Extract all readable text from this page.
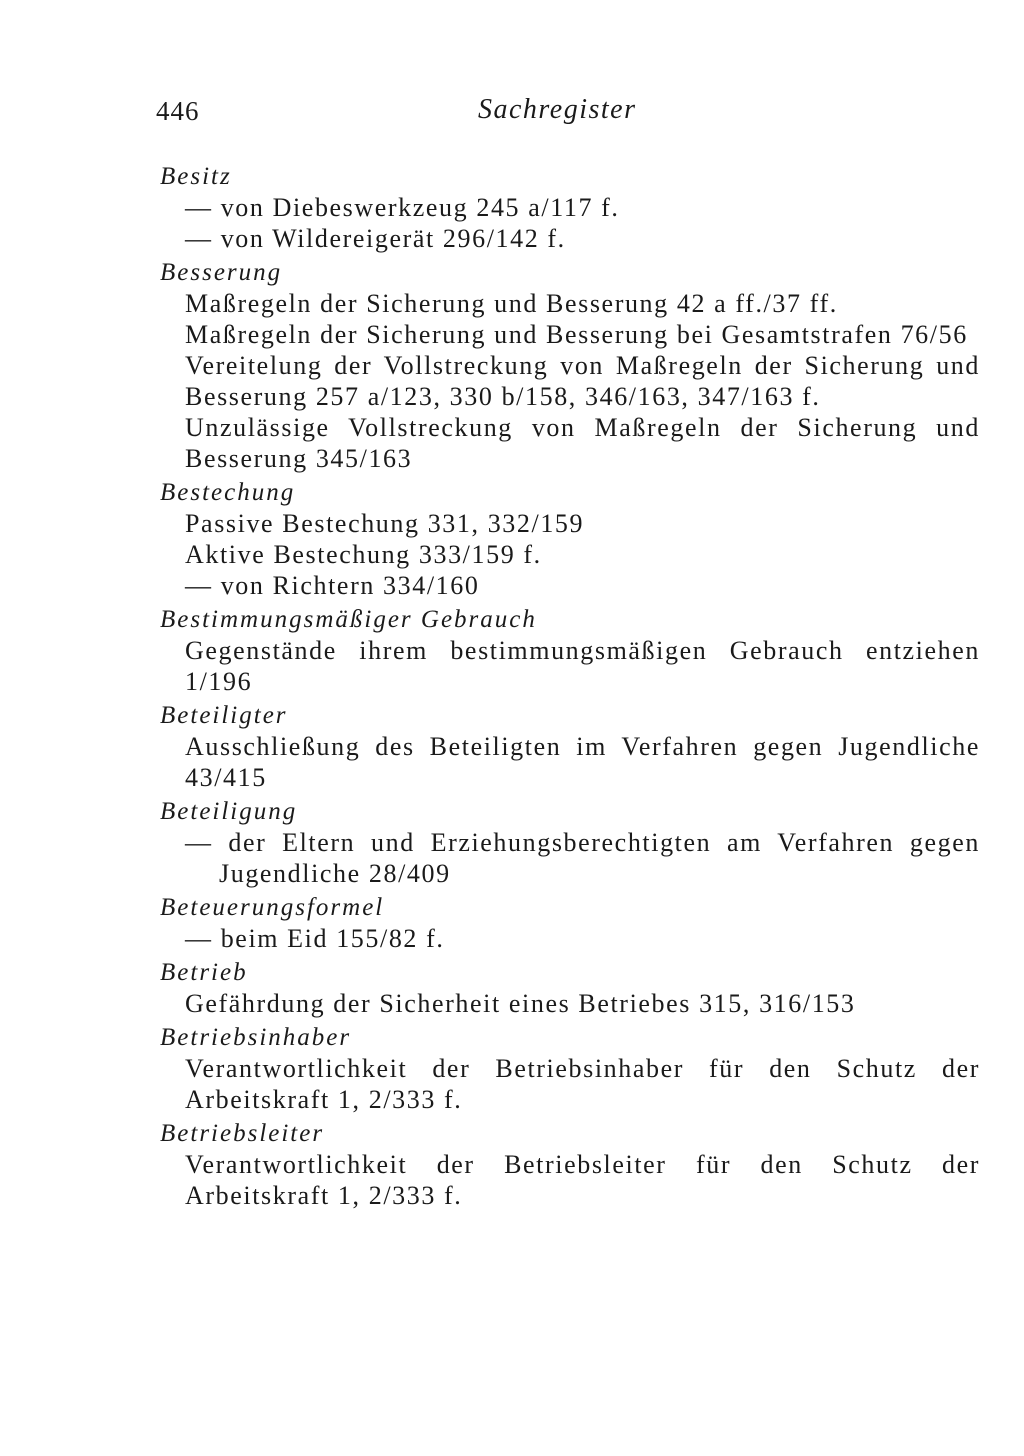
446	Sachregister
Besitz
— von Diebeswerkzeug 245 a/117 f.
— von Wildereigerät 296/142 f.
Besserung
Maßregeln der Sicherung und Besserung 42 a ff./37 ff.
Maßregeln der Sicherung und Besserung bei Gesamtstrafen 76/56
Vereitelung der Vollstreckung von Maßregeln der Sicherung und Besserung 257 a/123, 330 b/158, 346/163, 347/163 f.
Unzulässige Vollstreckung von Maßregeln der Sicherung und Besserung 345/163
Bestechung
Passive Bestechung 331, 332/159
Aktive Bestechung 333/159 f.
— von Richtern 334/160
Bestimmungsmäßiger Gebrauch
Gegenstände ihrem bestimmungsmäßigen Gebrauch entziehen 1/196
Beteiligter
Ausschließung des Beteiligten im Verfahren gegen Jugendliche 43/415
Beteiligung
— der Eltern und Erziehungsberechtigten am Verfahren gegen Jugendliche 28/409
Beteuerungsformel
— beim Eid 155/82 f.
Betrieb
Gefährdung der Sicherheit eines Betriebes 315, 316/153
Betriebsinhaber
Verantwortlichkeit der Betriebsinhaber für den Schutz der Arbeitskraft 1, 2/333 f.
Betriebsleiter
Verantwortlichkeit der Betriebsleiter für den Schutz der Arbeitskraft 1, 2/333 f.
